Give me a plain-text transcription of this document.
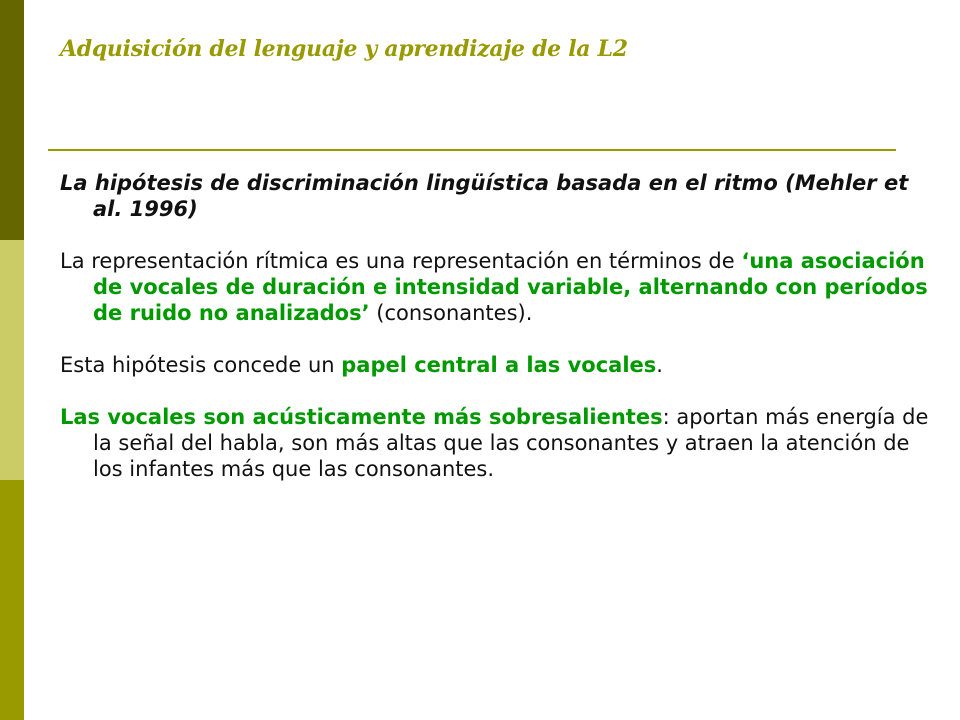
Adquisición del lenguaje y aprendizaje de la L2

La hipótesis de discriminación lingüística basada en el ritmo (Mehler et al. 1996)

La representación rítmica es una representación en términos de ‘una asociación de vocales de duración e intensidad variable, alternando con períodos de ruido no analizados’ (consonantes).

Esta hipótesis concede un papel central a las vocales.

Las vocales son acústicamente más sobresalientes: aportan más energía de la señal del habla, son más altas que las consonantes y atraen la atención de los infantes más que las consonantes.
